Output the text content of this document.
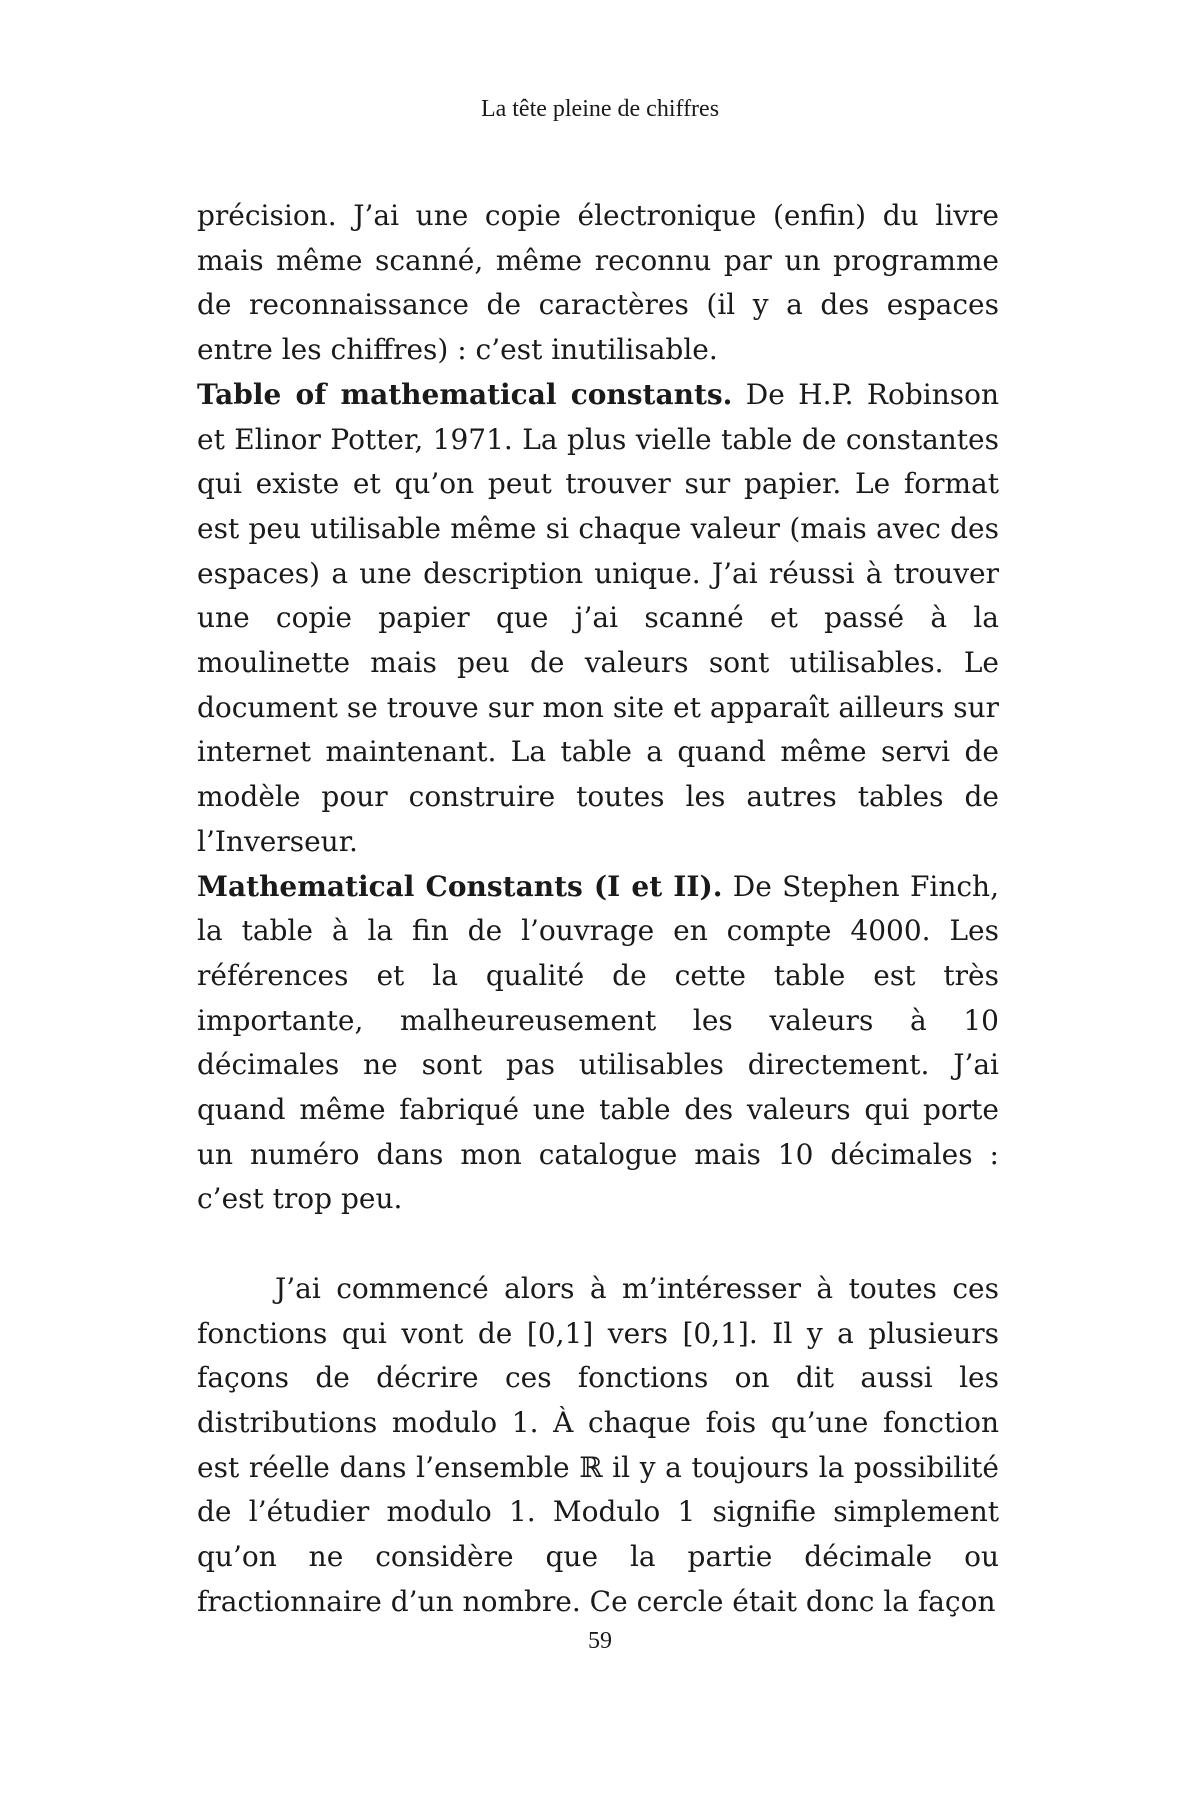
La tête pleine de chiffres

précision. J’ai une copie électronique (enfin) du livre mais même scanné, même reconnu par un programme de reconnaissance de caractères (il y a des espaces entre les chiffres) : c’est inutilisable.

Table of mathematical constants. De H.P. Robinson et Elinor Potter, 1971. La plus vielle table de constantes qui existe et qu’on peut trouver sur papier. Le format est peu utilisable même si chaque valeur (mais avec des espaces) a une description unique. J’ai réussi à trouver une copie papier que j’ai scanné et passé à la moulinette mais peu de valeurs sont utilisables. Le document se trouve sur mon site et apparaît ailleurs sur internet maintenant. La table a quand même servi de modèle pour construire toutes les autres tables de l’Inverseur.

Mathematical Constants (I et II). De Stephen Finch, la table à la fin de l’ouvrage en compte 4000. Les références et la qualité de cette table est très importante, malheureusement les valeurs à 10 décimales ne sont pas utilisables directement. J’ai quand même fabriqué une table des valeurs qui porte un numéro dans mon catalogue mais 10 décimales : c’est trop peu.

J’ai commencé alors à m’intéresser à toutes ces fonctions qui vont de [0,1] vers [0,1]. Il y a plusieurs façons de décrire ces fonctions on dit aussi les distributions modulo 1. À chaque fois qu’une fonction est réelle dans l’ensemble ℝ il y a toujours la possibilité de l’étudier modulo 1. Modulo 1 signifie simplement qu’on ne considère que la partie décimale ou fractionnaire d’un nombre. Ce cercle était donc la façon

59
